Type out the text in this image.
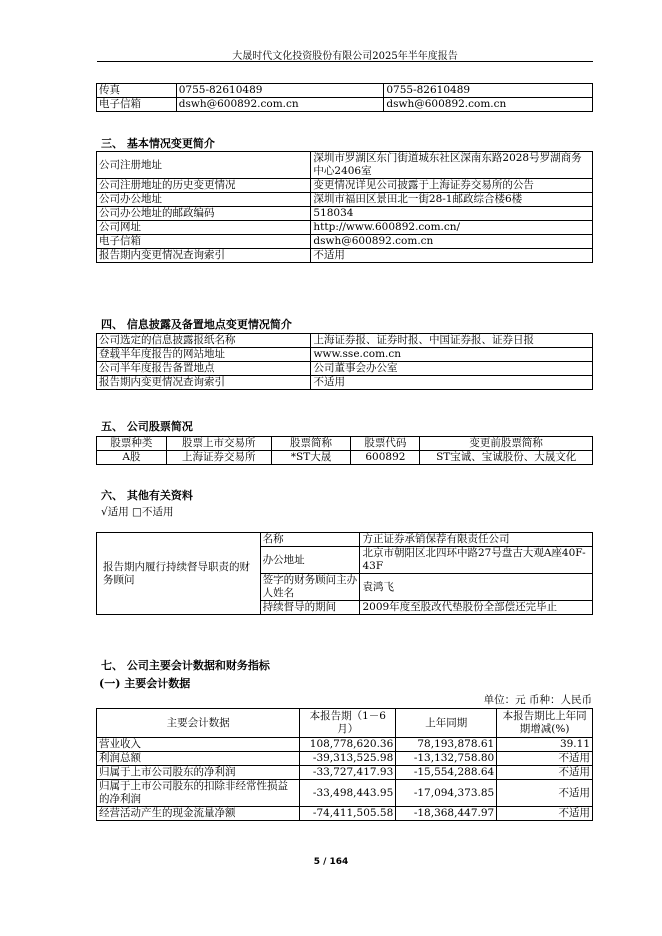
大晟时代文化投资股份有限公司2025年半年度报告
传真	0755-82610489	0755-82610489
电子信箱	dswh@600892.com.cn	dswh@600892.com.cn
三、 基本情况变更简介
公司注册地址	深圳市罗湖区东门街道城东社区深南东路2028号罗湖商务中心2406室
公司注册地址的历史变更情况	变更情况详见公司披露于上海证券交易所的公告
公司办公地址	深圳市福田区景田北一街28-1邮政综合楼6楼
公司办公地址的邮政编码	518034
公司网址	http://www.600892.com.cn/
电子信箱	dswh@600892.com.cn
报告期内变更情况查询索引	不适用
四、 信息披露及备置地点变更情况简介
公司选定的信息披露报纸名称	上海证券报、证券时报、中国证券报、证券日报
登载半年度报告的网站地址	www.sse.com.cn
公司半年度报告备置地点	公司董事会办公室
报告期内变更情况查询索引	不适用
五、 公司股票简况
股票种类	股票上市交易所	股票简称	股票代码	变更前股票简称
A股	上海证券交易所	*ST大晟	600892	ST宝诚、宝诚股份、大晟文化
六、 其他有关资料
√适用 □不适用
报告期内履行持续督导职责的财务顾问	名称	方正证券承销保荐有限责任公司
	办公地址	北京市朝阳区北四环中路27号盘古大观A座40F-43F
	签字的财务顾问主办人姓名	袁鸿飞
	持续督导的期间	2009年度至股改代垫股份全部偿还完毕止
七、 公司主要会计数据和财务指标
(一) 主要会计数据
单位：元 币种：人民币
主要会计数据	本报告期（1－6月）	上年同期	本报告期比上年同期增减(%)
营业收入	108,778,620.36	78,193,878.61	39.11
利润总额	-39,313,525.98	-13,132,758.80	不适用
归属于上市公司股东的净利润	-33,727,417.93	-15,554,288.64	不适用
归属于上市公司股东的扣除非经常性损益的净利润	-33,498,443.95	-17,094,373.85	不适用
经营活动产生的现金流量净额	-74,411,505.58	-18,368,447.97	不适用
5 / 164
